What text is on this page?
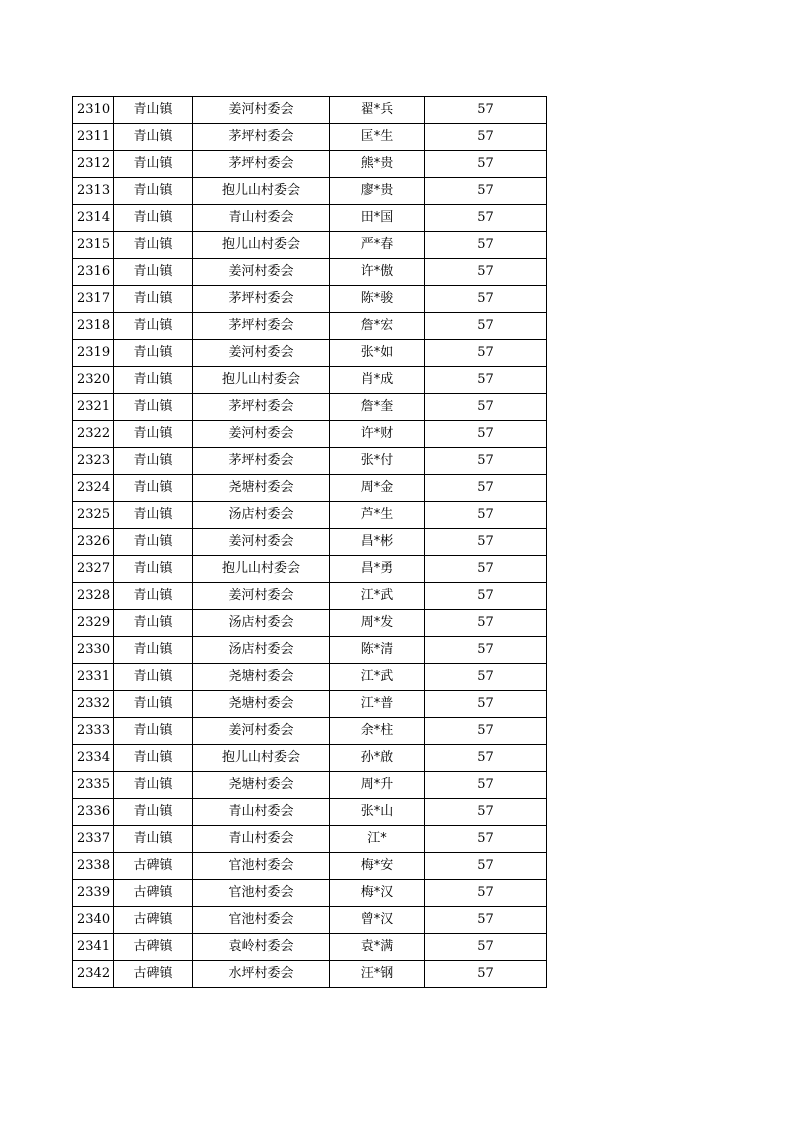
2310	青山镇	姜河村委会	翟*兵	57
2311	青山镇	茅坪村委会	匡*生	57
2312	青山镇	茅坪村委会	熊*贵	57
2313	青山镇	抱儿山村委会	廖*贵	57
2314	青山镇	青山村委会	田*国	57
2315	青山镇	抱儿山村委会	严*春	57
2316	青山镇	姜河村委会	许*傲	57
2317	青山镇	茅坪村委会	陈*骏	57
2318	青山镇	茅坪村委会	詹*宏	57
2319	青山镇	姜河村委会	张*如	57
2320	青山镇	抱儿山村委会	肖*成	57
2321	青山镇	茅坪村委会	詹*奎	57
2322	青山镇	姜河村委会	许*财	57
2323	青山镇	茅坪村委会	张*付	57
2324	青山镇	尧塘村委会	周*金	57
2325	青山镇	汤店村委会	芦*生	57
2326	青山镇	姜河村委会	昌*彬	57
2327	青山镇	抱儿山村委会	昌*勇	57
2328	青山镇	姜河村委会	江*武	57
2329	青山镇	汤店村委会	周*发	57
2330	青山镇	汤店村委会	陈*清	57
2331	青山镇	尧塘村委会	江*武	57
2332	青山镇	尧塘村委会	江*普	57
2333	青山镇	姜河村委会	余*柱	57
2334	青山镇	抱儿山村委会	孙*啟	57
2335	青山镇	尧塘村委会	周*升	57
2336	青山镇	青山村委会	张*山	57
2337	青山镇	青山村委会	江*	57
2338	古碑镇	官池村委会	梅*安	57
2339	古碑镇	官池村委会	梅*汉	57
2340	古碑镇	官池村委会	曾*汉	57
2341	古碑镇	袁岭村委会	袁*满	57
2342	古碑镇	水坪村委会	汪*钢	57
